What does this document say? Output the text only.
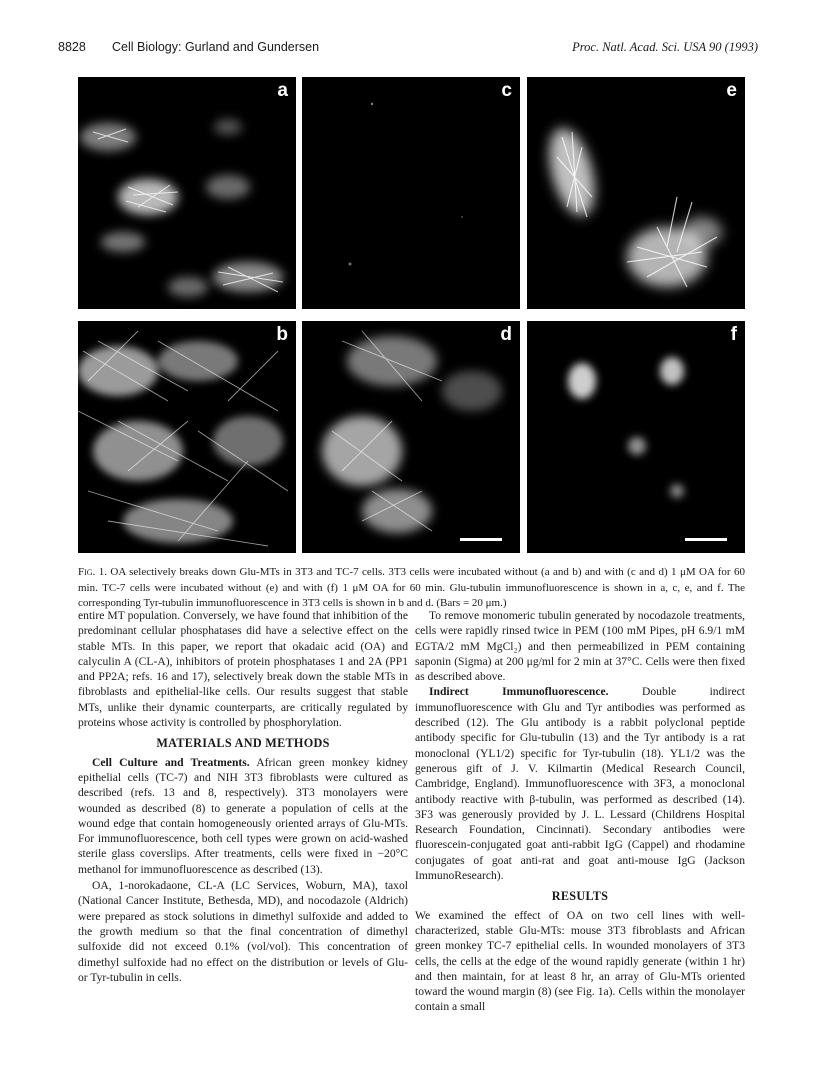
8828 Cell Biology: Gurland and Gundersen	Proc. Natl. Acad. Sci. USA 90 (1993)
a	c	e
b	d	f
Fig. 1. OA selectively breaks down Glu-MTs in 3T3 and TC-7 cells. 3T3 cells were incubated without (a and b) and with (c and d) 1 μM OA for 60 min. TC-7 cells were incubated without (e) and with (f) 1 μM OA for 60 min. Glu-tubulin immunofluorescence is shown in a, c, e, and f. The corresponding Tyr-tubulin immunofluorescence in 3T3 cells is shown in b and d. (Bars = 20 μm.)

entire MT population. Conversely, we have found that inhibition of the predominant cellular phosphatases did have a selective effect on the stable MTs. In this paper, we report that okadaic acid (OA) and calyculin A (CL-A), inhibitors of protein phosphatases 1 and 2A (PP1 and PP2A; refs. 16 and 17), selectively break down the stable MTs in fibroblasts and epithelial-like cells. Our results suggest that stable MTs, unlike their dynamic counterparts, are critically regulated by proteins whose activity is controlled by phosphorylation.

MATERIALS AND METHODS

Cell Culture and Treatments. African green monkey kidney epithelial cells (TC-7) and NIH 3T3 fibroblasts were cultured as described (refs. 13 and 8, respectively). 3T3 monolayers were wounded as described (8) to generate a population of cells at the wound edge that contain homogeneously oriented arrays of Glu-MTs. For immunofluorescence, both cell types were grown on acid-washed sterile glass coverslips. After treatments, cells were fixed in −20°C methanol for immunofluorescence as described (13).

OA, 1-norokadaone, CL-A (LC Services, Woburn, MA), taxol (National Cancer Institute, Bethesda, MD), and nocodazole (Aldrich) were prepared as stock solutions in dimethyl sulfoxide and added to the growth medium so that the final concentration of dimethyl sulfoxide did not exceed 0.1% (vol/vol). This concentration of dimethyl sulfoxide had no effect on the distribution or levels of Glu- or Tyr-tubulin in cells.

To remove monomeric tubulin generated by nocodazole treatments, cells were rapidly rinsed twice in PEM (100 mM Pipes, pH 6.9/1 mM EGTA/2 mM MgCl₂) and then permeabilized in PEM containing saponin (Sigma) at 200 μg/ml for 2 min at 37°C. Cells were then fixed as described above.

Indirect Immunofluorescence.	Double indirect immunofluorescence with Glu and Tyr antibodies was performed as described (12). The Glu antibody is a rabbit polyclonal peptide antibody specific for Glu-tubulin (13) and the Tyr antibody is a rat monoclonal (YL1/2) specific for Tyr-tubulin (18). YL1/2 was the generous gift of J. V. Kilmartin (Medical Research Council, Cambridge, England). Immunofluorescence with 3F3, a monoclonal antibody reactive with β-tubulin, was performed as described (14). 3F3 was generously provided by J. L. Lessard (Childrens Hospital Research Foundation, Cincinnati). Secondary antibodies were fluorescein-conjugated goat anti-rabbit IgG (Cappel) and rhodamine conjugates of goat anti-rat and goat anti-mouse IgG (Jackson ImmunoResearch).

RESULTS

We examined the effect of OA on two cell lines with well-characterized, stable Glu-MTs: mouse 3T3 fibroblasts and African green monkey TC-7 epithelial cells. In wounded monolayers of 3T3 cells, the cells at the edge of the wound rapidly generate (within 1 hr) and then maintain, for at least 8 hr, an array of Glu-MTs oriented toward the wound margin (8) (see Fig. 1a). Cells within the monolayer contain a small
